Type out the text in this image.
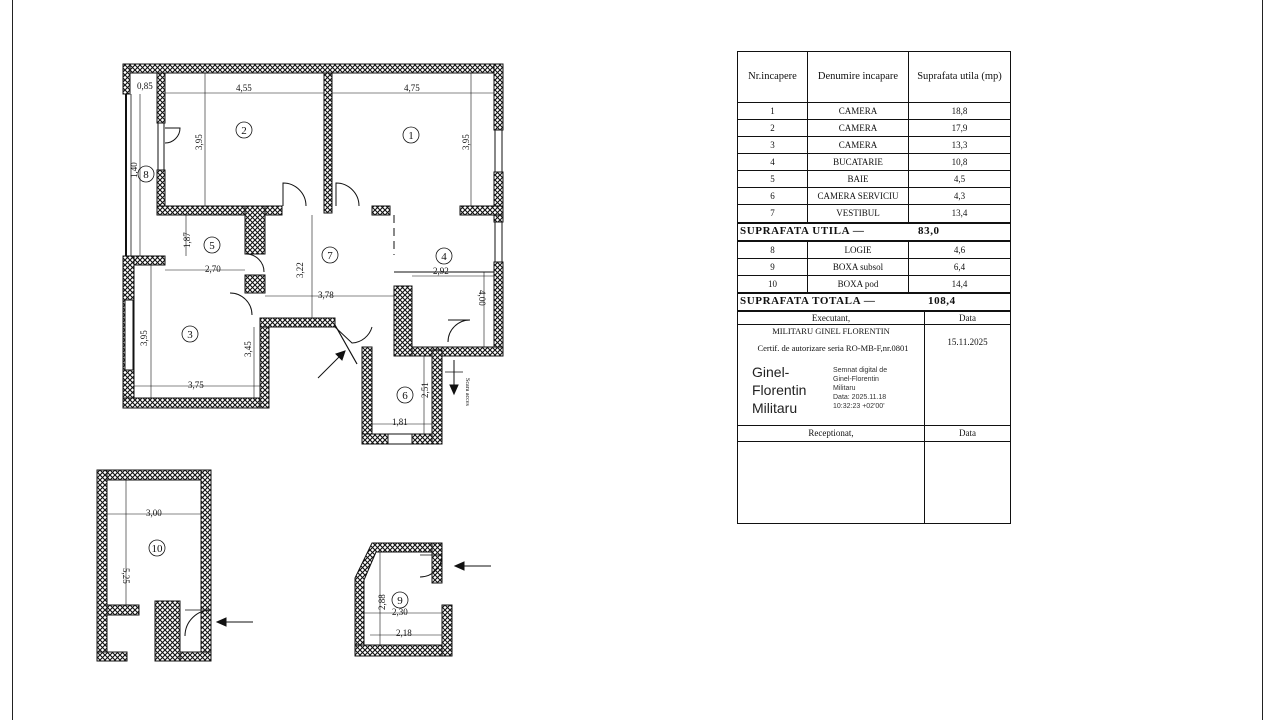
0,85	4,55	4,75
3,95	3,95
1,40
1,87
2,70	3,22
3,78
2,92
4,00
3,95
3,45
3,75	2,51
1,81
1
2
3
4
5
6
7
8
9
10
Scara acces
3,00
5,25
2,88
2,30
2,18
Nr.incapere	Denumire incapare	Suprafata utila (mp)
1	CAMERA	18,8
2	CAMERA	17,9
3	CAMERA	13,3
4	BUCATARIE	10,8
5	BAIE	4,5
6	CAMERA SERVICIU	4,3
7	VESTIBUL	13,4
SUPRAFATA UTILA —	83,0
8	LOGIE	4,6
9	BOXA subsol	6,4
10	BOXA pod	14,4
SUPRAFATA TOTALA —	108,4
Executant,	Data
MILITARU GINEL FLORENTIN
Certif. de autorizare seria RO-MB-F,nr.0801
15.11.2025
Ginel-
Florentin
Militaru
Semnat digital de
Ginel-Florentin
Militaru
Data: 2025.11.18
10:32:23 +02'00'
Receptionat,	Data
